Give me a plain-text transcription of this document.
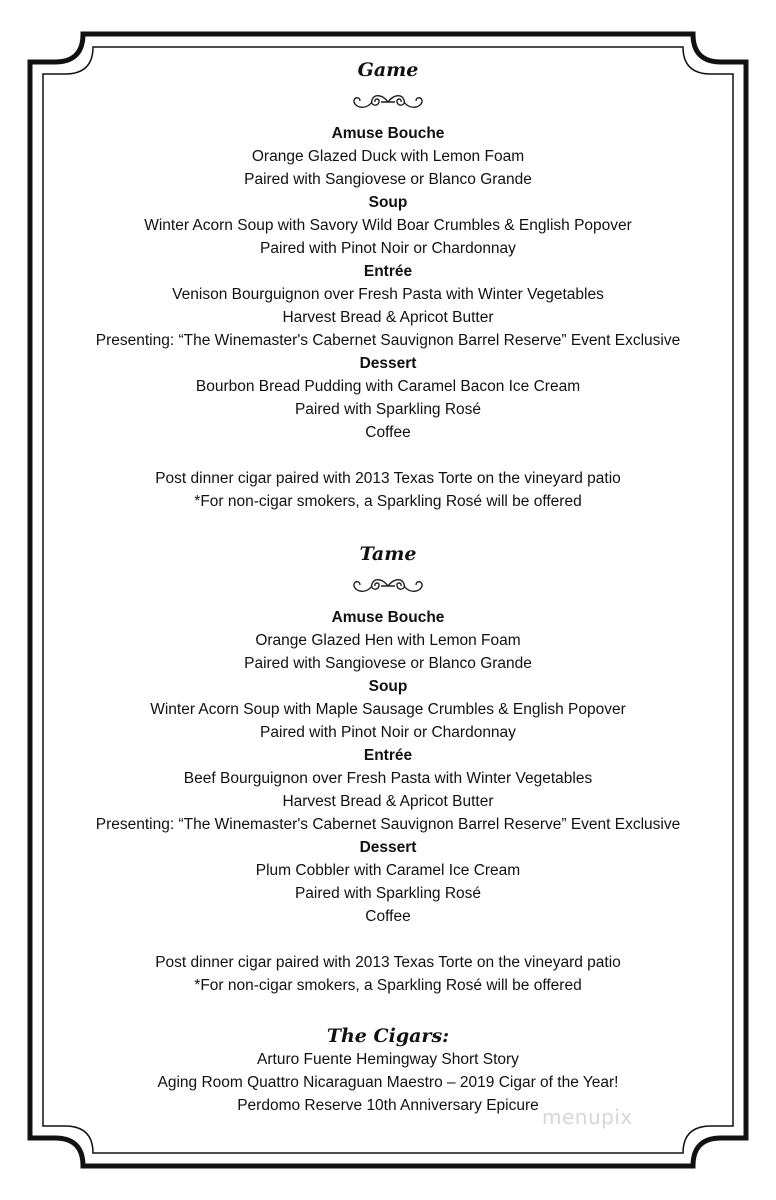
Game
Amuse Bouche
Orange Glazed Duck with Lemon Foam
Paired with Sangiovese or Blanco Grande
Soup
Winter Acorn Soup with Savory Wild Boar Crumbles & English Popover
Paired with Pinot Noir or Chardonnay
Entrée
Venison Bourguignon over Fresh Pasta with Winter Vegetables
Harvest Bread & Apricot Butter
Presenting: “The Winemaster's Cabernet Sauvignon Barrel Reserve” Event Exclusive
Dessert
Bourbon Bread Pudding with Caramel Bacon Ice Cream
Paired with Sparkling Rosé
Coffee
Post dinner cigar paired with 2013 Texas Torte on the vineyard patio
*For non-cigar smokers, a Sparkling Rosé will be offered
Tame
Amuse Bouche
Orange Glazed Hen with Lemon Foam
Paired with Sangiovese or Blanco Grande
Soup
Winter Acorn Soup with Maple Sausage Crumbles & English Popover
Paired with Pinot Noir or Chardonnay
Entrée
Beef Bourguignon over Fresh Pasta with Winter Vegetables
Harvest Bread & Apricot Butter
Presenting: “The Winemaster's Cabernet Sauvignon Barrel Reserve” Event Exclusive
Dessert
Plum Cobbler with Caramel Ice Cream
Paired with Sparkling Rosé
Coffee
Post dinner cigar paired with 2013 Texas Torte on the vineyard patio
*For non-cigar smokers, a Sparkling Rosé will be offered
The Cigars:
Arturo Fuente Hemingway Short Story
Aging Room Quattro Nicaraguan Maestro – 2019 Cigar of the Year!
Perdomo Reserve 10th Anniversary Epicure menupix
